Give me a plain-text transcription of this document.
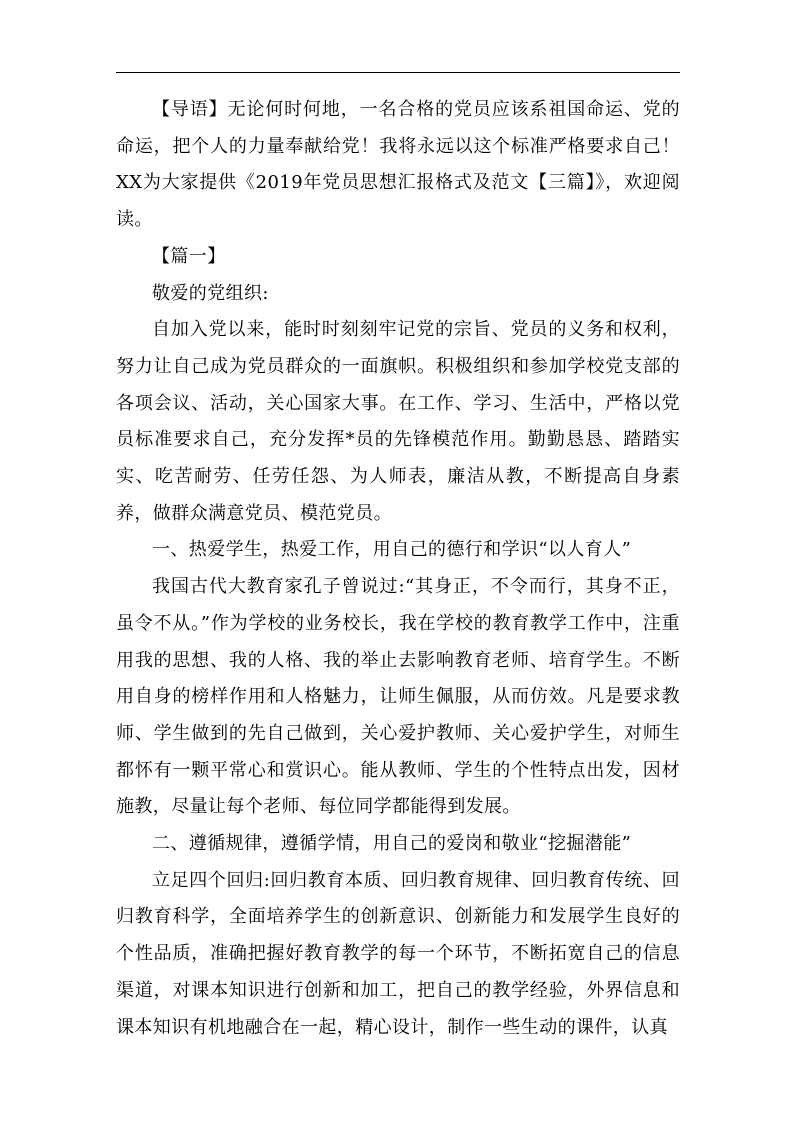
【导语】无论何时何地，一名合格的党员应该系祖国命运、党的命运，把个人的力量奉献给党！我将永远以这个标准严格要求自己！XX为大家提供《2019年党员思想汇报格式及范文【三篇】》，欢迎阅读。

【篇一】

敬爱的党组织:

自加入党以来，能时时刻刻牢记党的宗旨、党员的义务和权利，努力让自己成为党员群众的一面旗帜。积极组织和参加学校党支部的各项会议、活动，关心国家大事。在工作、学习、生活中，严格以党员标准要求自己，充分发挥*员的先锋模范作用。勤勤恳恳、踏踏实实、吃苦耐劳、任劳任怨、为人师表，廉洁从教，不断提高自身素养，做群众满意党员、模范党员。

一、热爱学生，热爱工作，用自己的德行和学识“以人育人”

我国古代大教育家孔子曾说过:“其身正，不令而行，其身不正，虽令不从。”作为学校的业务校长，我在学校的教育教学工作中，注重用我的思想、我的人格、我的举止去影响教育老师、培育学生。不断用自身的榜样作用和人格魅力，让师生佩服，从而仿效。凡是要求教师、学生做到的先自己做到，关心爱护教师、关心爱护学生，对师生都怀有一颗平常心和赏识心。能从教师、学生的个性特点出发，因材施教，尽量让每个老师、每位同学都能得到发展。

二、遵循规律，遵循学情，用自己的爱岗和敬业“挖掘潜能”

立足四个回归:回归教育本质、回归教育规律、回归教育传统、回归教育科学，全面培养学生的创新意识、创新能力和发展学生良好的个性品质，准确把握好教育教学的每一个环节，不断拓宽自己的信息渠道，对课本知识进行创新和加工，把自己的教学经验，外界信息和课本知识有机地融合在一起，精心设计，制作一些生动的课件，认真
